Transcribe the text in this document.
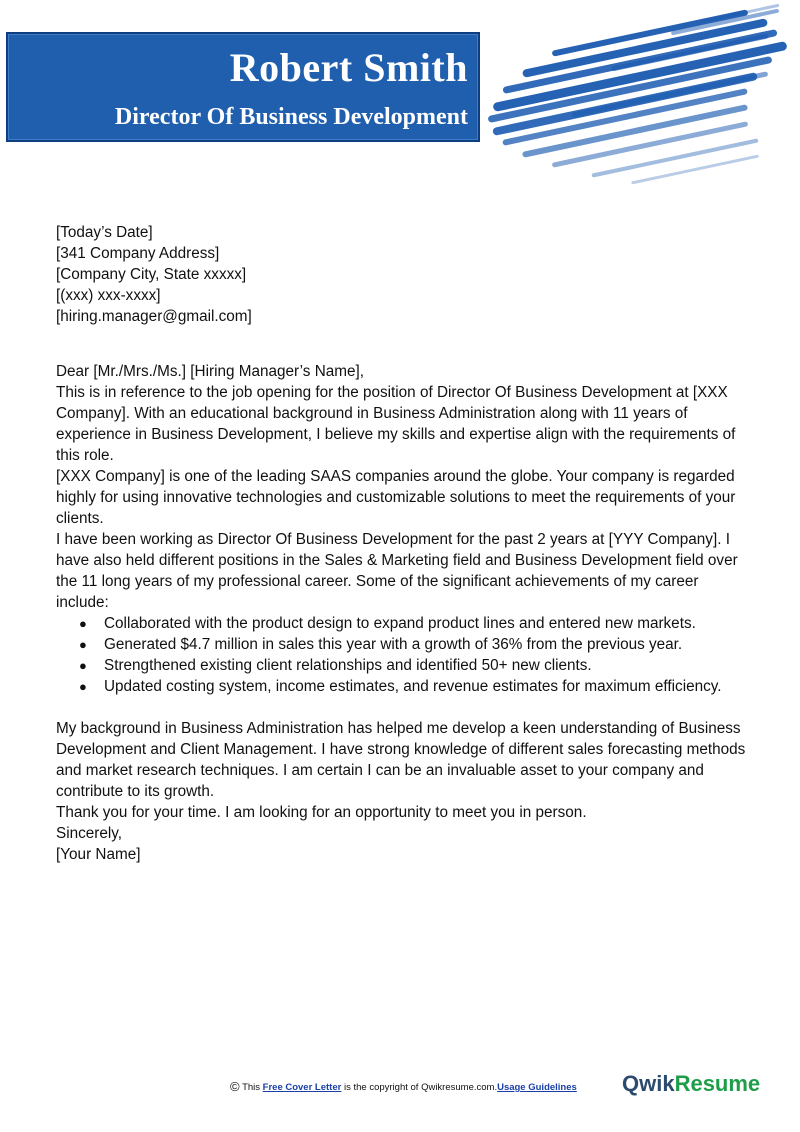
Robert Smith
Director Of Business Development

[Today’s Date]

[341 Company Address]

[Company City, State xxxxx]

[(xxx) xxx-xxxx]

[hiring.manager@gmail.com]

Dear [Mr./Mrs./Ms.] [Hiring Manager’s Name],

This is in reference to the job opening for the position of Director Of Business Development at [XXX Company]. With an educational background in Business Administration along with 11 years of experience in Business Development, I believe my skills and expertise align with the requirements of this role.

[XXX Company] is one of the leading SAAS companies around the globe. Your company is regarded highly for using innovative technologies and customizable solutions to meet the requirements of your clients.

I have been working as Director Of Business Development for the past 2 years at [YYY Company]. I have also held different positions in the Sales & Marketing field and Business Development field over the 11 long years of my professional career. Some of the significant achievements of my career include:

● Collaborated with the product design to expand product lines and entered new markets.
● Generated $4.7 million in sales this year with a growth of 36% from the previous year.
● Strengthened existing client relationships and identified 50+ new clients.
● Updated costing system, income estimates, and revenue estimates for maximum efficiency.

My background in Business Administration has helped me develop a keen understanding of Business Development and Client Management. I have strong knowledge of different sales forecasting methods and market research techniques. I am certain I can be an invaluable asset to your company and contribute to its growth.

Thank you for your time. I am looking for an opportunity to meet you in person.

Sincerely,

[Your Name]

© This Free Cover Letter is the copyright of Qwikresume.com.Usage Guidelines QwikResume
